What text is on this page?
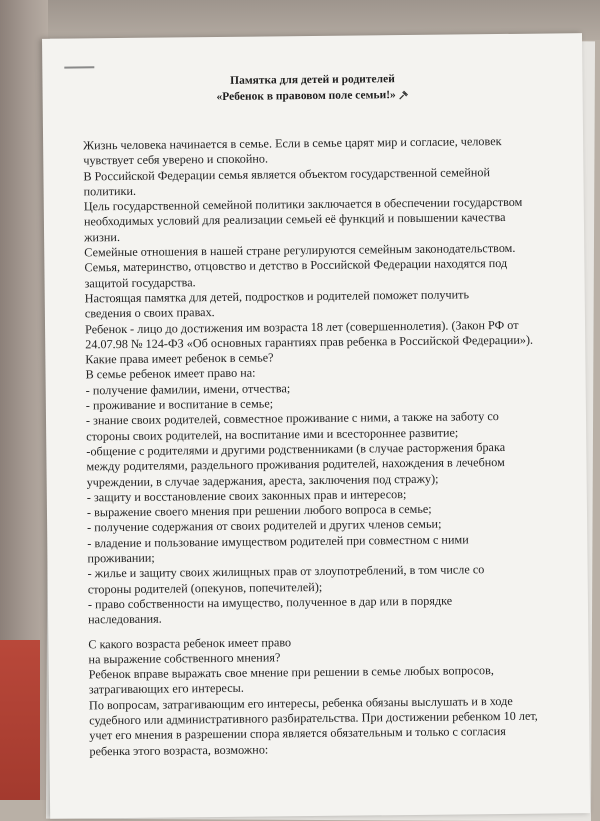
Памятка для детей и родителей
«Ребенок в правовом поле семьи!»
Жизнь человека начинается в семье. Если в семье царят мир и согласие, человек
чувствует себя уверено и спокойно.
В Российской Федерации семья является объектом государственной семейной
политики.
Цель государственной семейной политики заключается в обеспечении государством
необходимых условий для реализации семьей её функций и повышении качества
жизни.
Семейные отношения в нашей стране регулируются семейным законодательством.
Семья, материнство, отцовство и детство в Российской Федерации находятся под
защитой государства.
Настоящая памятка для детей, подростков и родителей поможет получить
сведения о своих правах.
Ребенок - лицо до достижения им возраста 18 лет (совершеннолетия). (Закон РФ от
24.07.98 № 124-ФЗ «Об основных гарантиях прав ребенка в Российской Федерации»).
Какие права имеет ребенок в семье?
В семье ребенок имеет право на:
- получение фамилии, имени, отчества;
- проживание и воспитание в семье;
- знание своих родителей, совместное проживание с ними, а также на заботу со
стороны своих родителей, на воспитание ими и всестороннее развитие;
-общение с родителями и другими родственниками (в случае расторжения брака
между родителями, раздельного проживания родителей, нахождения в лечебном
учреждении, в случае задержания, ареста, заключения под стражу);
- защиту и восстановление своих законных прав и интересов;
- выражение своего мнения при решении любого вопроса в семье;
- получение содержания от своих родителей и других членов семьи;
- владение и пользование имуществом родителей при совместном с ними
проживании;
- жилье и защиту своих жилищных прав от злоупотреблений, в том числе со
стороны родителей (опекунов, попечителей);
- право собственности на имущество, полученное в дар или в порядке
наследования.
С какого возраста ребенок имеет право
на выражение собственного мнения?
Ребенок вправе выражать свое мнение при решении в семье любых вопросов,
затрагивающих его интересы.
По вопросам, затрагивающим его интересы, ребенка обязаны выслушать и в ходе
судебного или административного разбирательства. При достижении ребенком 10 лет,
учет его мнения в разрешении спора является обязательным и только с согласия
ребенка этого возраста, возможно:
